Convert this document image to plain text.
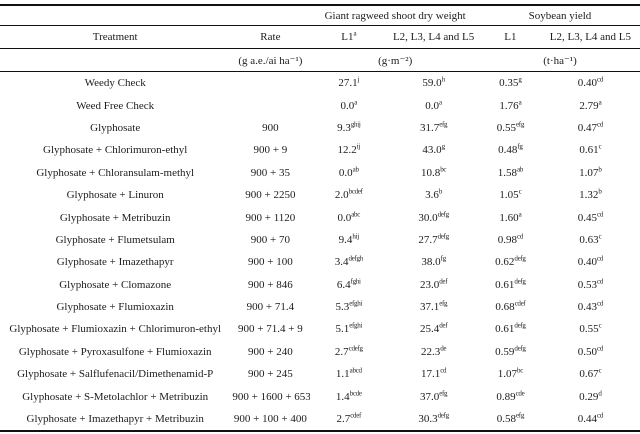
		Giant ragweed shoot dry weight		Soybean yield	
Treatment	Rate	L1$^a$	L2, L3, L4 and L5	L1	L2, L3, L4 and L5
	(g a.e./ai ha⁻¹)	(g·m⁻²)		(t·ha⁻¹)	
Weedy Check		27.1$^j$	59.0$^h$	0.35$^g$	0.40$^{cd}$
Weed Free Check		0.0$^a$	0.0$^a$	1.76$^a$	2.79$^a$
Glyphosate	900	$9.3^{ghij}$	31.7$^{efg}$	0.55$^{efg}$	0.47$^{cd}$
Glyphosate + Chlorimuron-ethyl	900 + 9	$12.2^{ij}$	43.0$^g$	0.48$^{fg}$	0.61$^c$
Glyphosate + Chloransulam-methyl	900 + 35	0.0$^{ab}$	10.8$^{bc}$	1.58$^{ab}$	1.07$^b$
Glyphosate + Linuron	900 + 2250	$2.0^{bcdef}$	3.6$^b$	1.05$^c$	1.32$^b$
Glyphosate + Metribuzin	900 + 1120	0.0$^{abc}$	$30.0^{defg}$	1.60$^a$	0.45$^{cd}$
Glyphosate + Flumetsulam	900 + 70	$9.4^{hij}$	$27.7^{defg}$	0.98$^{cd}$	0.63$^c$
Glyphosate + Imazethapyr	900 + 100	$3.4^{defgh}$	38.0$^{fg}$	$0.62^{defg}$	0.40$^{cd}$
Glyphosate + Clomazone	900 + 846	$6.4^{fghi}$	23.0$^{def}$	$0.61^{defg}$	0.53$^{cd}$
Glyphosate + Flumioxazin	900 + 71.4	$5.3^{efghi}$	37.1$^{efg}$	$0.68^{cdef}$	0.43$^{cd}$
Glyphosate + Flumioxazin + Chlorimuron-ethyl	900 + 71.4 + 9	$5.1^{efghi}$	25.4$^{def}$	$0.61^{defg}$	0.55$^c$
Glyphosate + Pyroxasulfone + Flumioxazin	900 + 240	$2.7^{cdefg}$	22.3de	$0.59^{defg}$	0.50$^{cd}$
Glyphosate + Salflufenacil/Dimethenamid-P	900 + 245	$1.1^{abcd}$	17.1$^{cd}$	1.07$^{bc}$	0.67$^c$
Glyphosate + S-Metolachlor + Metribuzin	900 + 1600 + 653	$1.4^{bcde}$	37.0$^{efg}$	0.89$^{cde}$	0.29$^d$
Glyphosate + Imazethapyr + Metribuzin	900 + 100 + 400	$2.7^{cdef}$	$30.3^{defg}$	0.58$^{efg}$	0.44$^{cd}$
